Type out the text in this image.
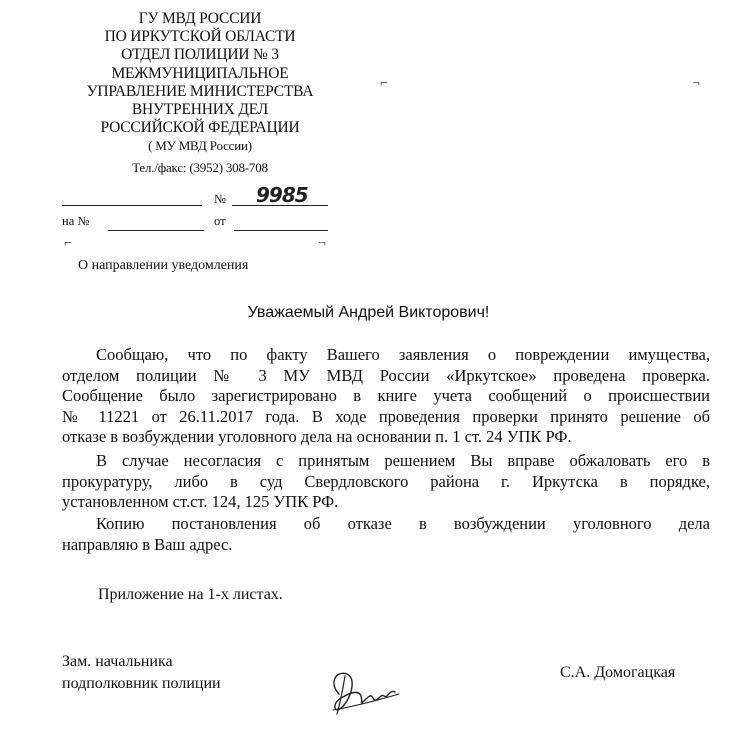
ГУ МВД РОССИИ
ПО ИРКУТСКОЙ ОБЛАСТИ
ОТДЕЛ ПОЛИЦИИ № 3
МЕЖМУНИЦИПАЛЬНОЕ
УПРАВЛЕНИЕ МИНИСТЕРСТВА
ВНУТРЕННИХ ДЕЛ
РОССИЙСКОЙ ФЕДЕРАЦИИ
( МУ МВД России)
Тел./факс: (3952) 308-708
№ 9985
на №	от
⌐	¬
⌐	¬
О направлении уведомления
Уважаемый Андрей Викторович!
Сообщаю, что по факту Вашего заявления о повреждении имущества,
отделом полиции № 3 МУ МВД России «Иркутское» проведена проверка.
Сообщение было зарегистрировано в книге учета сообщений о происшествии
№ 11221 от 26.11.2017 года. В ходе проведения проверки принято решение об
отказе в возбуждении уголовного дела на основании п. 1 ст. 24 УПК РФ.
В случае несогласия с принятым решением Вы вправе обжаловать его в
прокуратуру, либо в суд Свердловского района г. Иркутска в порядке,
установленном ст.ст. 124, 125 УПК РФ.
Копию постановления об отказе в возбуждении уголовного дела
направляю в Ваш адрес.
Приложение на 1-х листах.
Зам. начальника
подполковник полиции
С.А. Домогацкая
